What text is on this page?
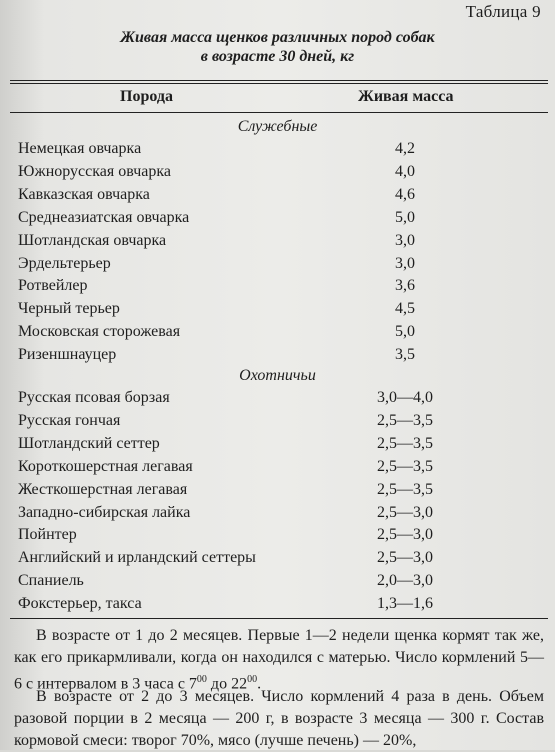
Таблица 9
Живая масса щенков различных пород собак
в возрасте 30 дней, кг
Порода	Живая масса
Служебные
Немецкая овчарка	4,2
Южнорусская овчарка	4,0
Кавказская овчарка	4,6
Среднеазиатская овчарка	5,0
Шотландская овчарка	3,0
Эрдельтерьер	3,0
Ротвейлер	3,6
Черный терьер	4,5
Московская сторожевая	5,0
Ризеншнауцер	3,5
Охотничьи
Русская псовая борзая	3,0—4,0
Русская гончая	2,5—3,5
Шотландский сеттер	2,5—3,5
Короткошерстная легавая	2,5—3,5
Жесткошерстная легавая	2,5—3,5
Западно-сибирская лайка	2,5—3,0
Пойнтер	2,5—3,0
Английский и ирландский сеттеры	2,5—3,0
Спаниель	2,0—3,0
Фокстерьер, такса	1,3—1,6
В возрасте от 1 до 2 месяцев. Первые 1—2 недели щенка кормят так же, как его прикармливали, когда он находился с матерью. Число кормлений 5—6 с интервалом в 3 часа с $7^{00}$ до $22^{00}$.
В возрасте от 2 до 3 месяцев. Число кормлений 4 раза в день. Объем разовой порции в 2 месяца — 200 г, в возрасте 3 месяца — 300 г. Состав кормовой смеси: творог 70%, мясо (лучше печень) — 20%,
